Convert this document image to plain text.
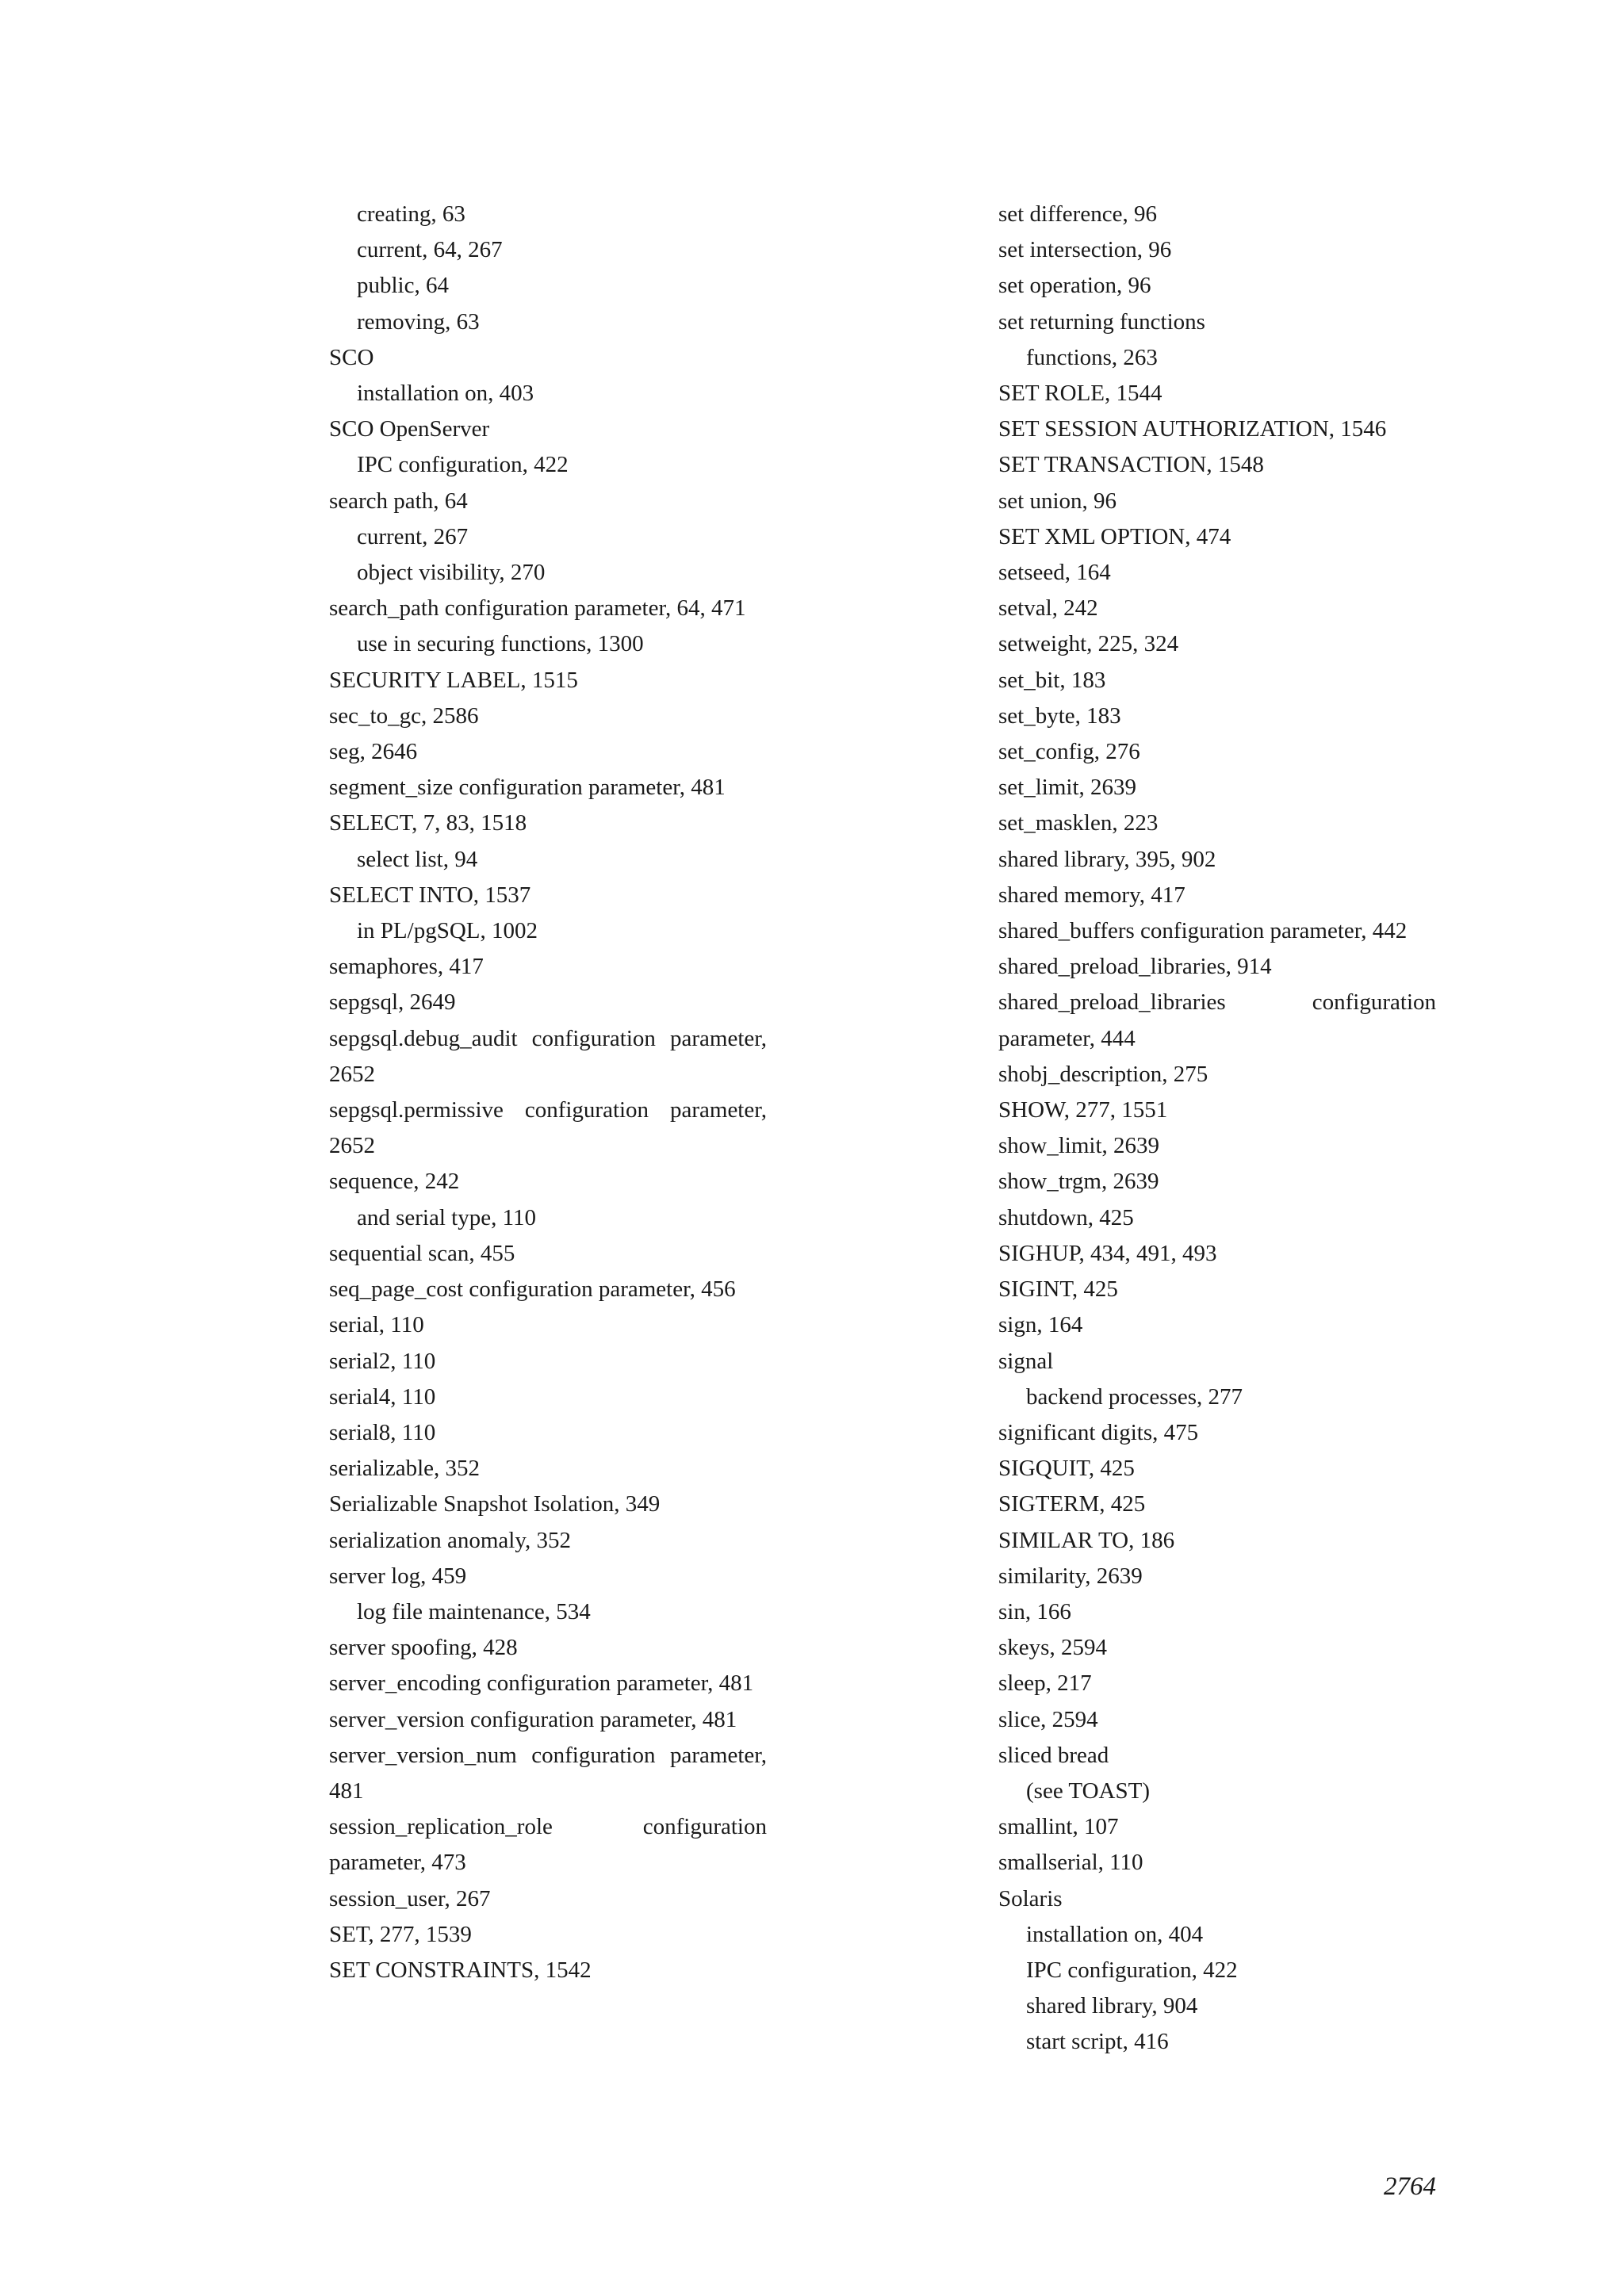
creating, 63
current, 64, 267
public, 64
removing, 63
SCO
installation on, 403
SCO OpenServer
IPC configuration, 422
search path, 64
current, 267
object visibility, 270
search_path configuration parameter, 64, 471
use in securing functions, 1300
SECURITY LABEL, 1515
sec_to_gc, 2586
seg, 2646
segment_size configuration parameter, 481
SELECT, 7, 83, 1518
select list, 94
SELECT INTO, 1537
in PL/pgSQL, 1002
semaphores, 417
sepgsql, 2649
sepgsql.debug_audit configuration parameter, 2652
sepgsql.permissive configuration parameter, 2652
sequence, 242
and serial type, 110
sequential scan, 455
seq_page_cost configuration parameter, 456
serial, 110
serial2, 110
serial4, 110
serial8, 110
serializable, 352
Serializable Snapshot Isolation, 349
serialization anomaly, 352
server log, 459
log file maintenance, 534
server spoofing, 428
server_encoding configuration parameter, 481
server_version configuration parameter, 481
server_version_num configuration parameter, 481
session_replication_role configuration parameter, 473
session_user, 267
SET, 277, 1539
SET CONSTRAINTS, 1542
set difference, 96
set intersection, 96
set operation, 96
set returning functions
functions, 263
SET ROLE, 1544
SET SESSION AUTHORIZATION, 1546
SET TRANSACTION, 1548
set union, 96
SET XML OPTION, 474
setseed, 164
setval, 242
setweight, 225, 324
set_bit, 183
set_byte, 183
set_config, 276
set_limit, 2639
set_masklen, 223
shared library, 395, 902
shared memory, 417
shared_buffers configuration parameter, 442
shared_preload_libraries, 914
shared_preload_libraries configuration parameter, 444
shobj_description, 275
SHOW, 277, 1551
show_limit, 2639
show_trgm, 2639
shutdown, 425
SIGHUP, 434, 491, 493
SIGINT, 425
sign, 164
signal
backend processes, 277
significant digits, 475
SIGQUIT, 425
SIGTERM, 425
SIMILAR TO, 186
similarity, 2639
sin, 166
skeys, 2594
sleep, 217
slice, 2594
sliced bread
(see TOAST)
smallint, 107
smallserial, 110
Solaris
installation on, 404
IPC configuration, 422
shared library, 904
start script, 416
2764
